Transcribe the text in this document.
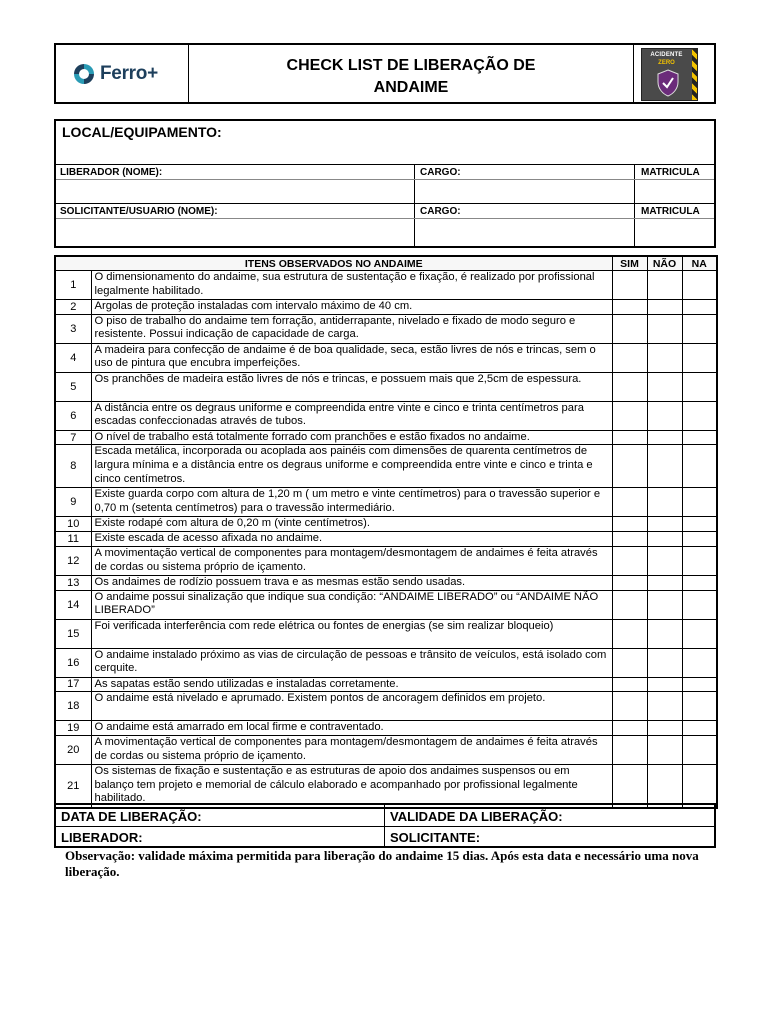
Ferro+	CHECK LIST DE LIBERAÇÃO DE
ANDAIME
ACIDENTE
ZERO
LOCAL/EQUIPAMENTO:
LIBERADOR (NOME):	CARGO:	MATRICULA
SOLICITANTE/USUARIO (NOME):	CARGO:	MATRICULA
ITENS OBSERVADOS NO ANDAIME		SIM	NÃO	NA
1	O dimensionamento do andaime, sua estrutura de sustentação e fixação, é realizado por profissional legalmente habilitado.			
2	Argolas de proteção instaladas com intervalo máximo de 40 cm.			
3	O piso de trabalho do andaime tem forração, antiderrapante, nivelado e fixado de modo seguro e resistente. Possui indicação de capacidade de carga.			
4	A madeira para confecção de andaime é de boa qualidade, seca, estão livres de nós e trincas, sem o uso de pintura que encubra imperfeições.			
5	Os pranchões de madeira estão livres de nós e trincas, e possuem mais que 2,5cm de espessura.			
6	A distância entre os degraus uniforme e compreendida entre vinte e cinco e trinta centímetros para escadas confeccionadas através de tubos.			
7	O nível de trabalho está totalmente forrado com pranchões e estão fixados no andaime.			
8	Escada metálica, incorporada ou acoplada aos painéis com dimensões de quarenta centímetros de largura mínima e a distância entre os degraus uniforme e compreendida entre vinte e cinco e trinta e cinco centímetros.			
9	Existe guarda corpo com altura de 1,20 m ( um metro e vinte centímetros) para o travessão superior e 0,70 m (setenta centímetros) para o travessão intermediário.			
10	Existe rodapé com altura de 0,20 m (vinte centímetros).			
11	Existe escada de acesso afixada no andaime.			
12	A movimentação vertical de componentes para montagem/desmontagem de andaimes é feita através de cordas ou sistema próprio de içamento.			
13	Os andaimes de rodízio possuem trava e as mesmas estão sendo usadas.			
14	O andaime possui sinalização que indique sua condição: “ANDAIME LIBERADO” ou “ANDAIME NÃO LIBERADO”			
15	Foi verificada interferência com rede elétrica ou fontes de energias (se sim realizar bloqueio)			
16	O andaime instalado próximo as vias de circulação de pessoas e trânsito de veículos, está isolado com cerquite.			
17	As sapatas estão sendo utilizadas e instaladas corretamente.			
18	O andaime está nivelado e aprumado. Existem pontos de ancoragem definidos em projeto.			
19	O andaime está amarrado em local firme e contraventado.			
20	A movimentação vertical de componentes para montagem/desmontagem de andaimes é feita através de cordas ou sistema próprio de içamento.			
21	Os sistemas de fixação e sustentação e as estruturas de apoio dos andaimes suspensos ou em balanço tem projeto e memorial de cálculo elaborado e acompanhado por profissional legalmente habilitado.			
DATA DE LIBERAÇÃO:	VALIDADE DA LIBERAÇÃO:
LIBERADOR:	SOLICITANTE:
Observação: validade máxima permitida para liberação do andaime 15 dias. Após esta data e necessário uma nova liberação.
